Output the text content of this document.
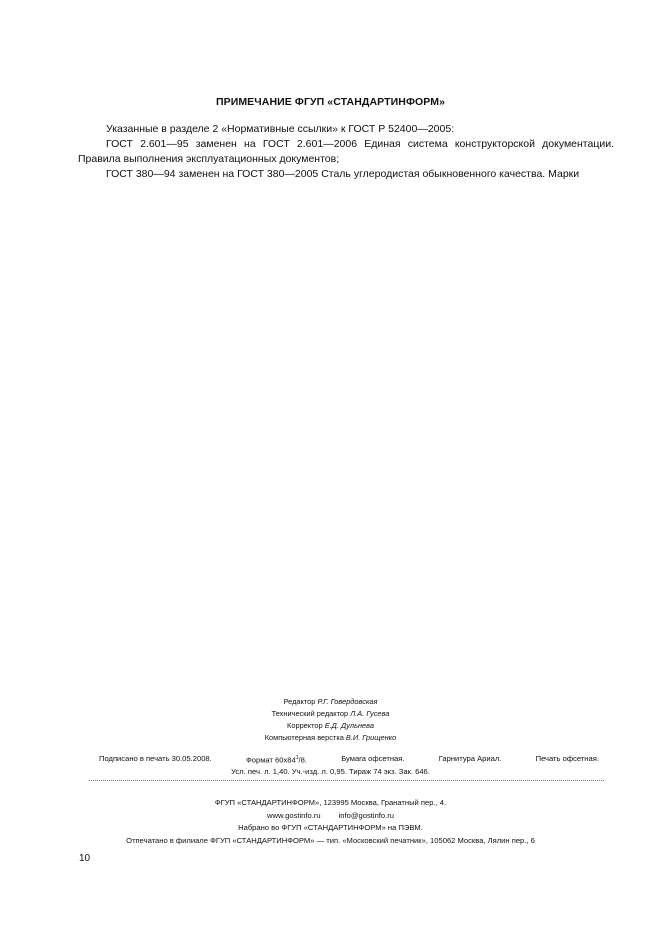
ПРИМЕЧАНИЕ ФГУП «СТАНДАРТИНФОРМ»

Указанные в разделе 2 «Нормативные ссылки» к ГОСТ Р 52400—2005:

ГОСТ 2.601—95 заменен на ГОСТ 2.601—2006 Единая система конструкторской документации.

Правила выполнения эксплуатационных документов;

ГОСТ 380—94 заменен на ГОСТ 380—2005 Сталь углеродистая обыкновенного качества. Марки

Редактор Р.Г. Говердовская
Технический редактор Л.А. Гусева
Корректор Е.Д. Дульнева
Компьютерная верстка В.И. Грищенко
Подписано в печать 30.05.2008.	Формат $60х84^1/8$.	Бумага офсетная.	Гарнитура Ариал.	Печать офсетная.
Усл. печ. л. 1,40. Уч.-изд. л. 0,95. Тираж 74 экз. Зак. 646.
ФГУП «СТАНДАРТИНФОРМ», 123995 Москва, Гранатный пер., 4.
www.gostinfo.ru info@gostinfo.ru
Набрано во ФГУП «СТАНДАРТИНФОРМ» на ПЭВМ.
Отпечатано в филиале ФГУП «СТАНДАРТИНФОРМ» — тип. «Московский печатник», 105062 Москва, Лялин пер., 6
10
